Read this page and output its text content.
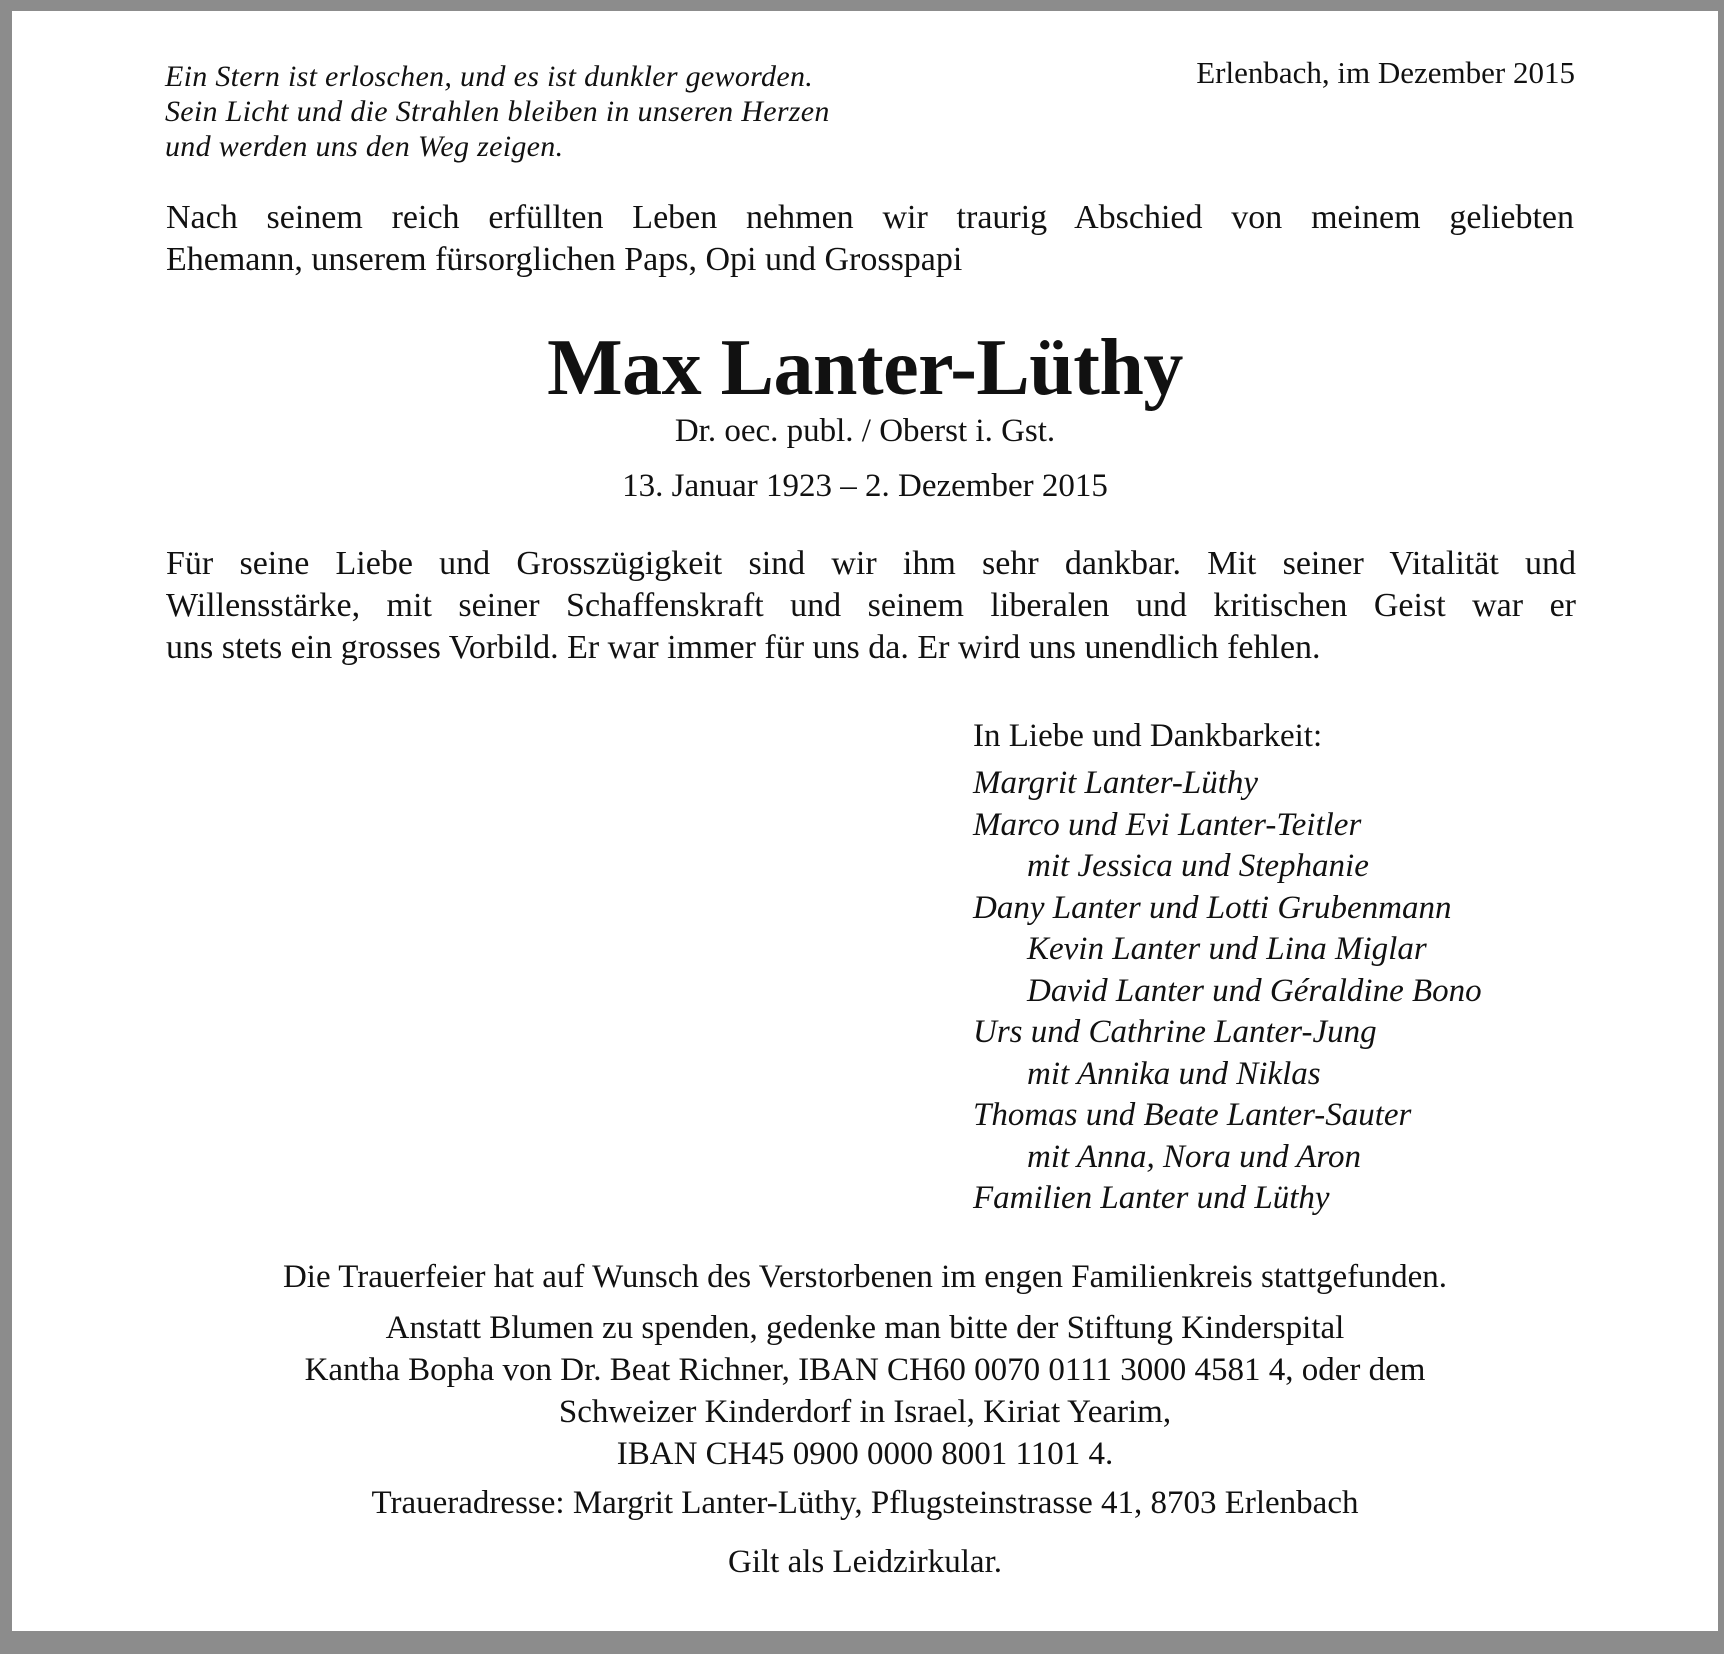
Ein Stern ist erloschen, und es ist dunkler geworden.
Sein Licht und die Strahlen bleiben in unseren Herzen
und werden uns den Weg zeigen.
Erlenbach, im Dezember 2015
Nach seinem reich erfüllten Leben nehmen wir traurig Abschied von meinem geliebten
Ehemann, unserem fürsorglichen Paps, Opi und Grosspapi
Max Lanter-Lüthy
Dr. oec. publ. / Oberst i. Gst.
13. Januar 1923 – 2. Dezember 2015
Für seine Liebe und Grosszügigkeit sind wir ihm sehr dankbar. Mit seiner Vitalität und
Willensstärke, mit seiner Schaffenskraft und seinem liberalen und kritischen Geist war er
uns stets ein grosses Vorbild. Er war immer für uns da. Er wird uns unendlich fehlen.
In Liebe und Dankbarkeit:
Margrit Lanter-Lüthy
Marco und Evi Lanter-Teitler
mit Jessica und Stephanie
Dany Lanter und Lotti Grubenmann
Kevin Lanter und Lina Miglar
David Lanter und Géraldine Bono
Urs und Cathrine Lanter-Jung
mit Annika und Niklas
Thomas und Beate Lanter-Sauter
mit Anna, Nora und Aron
Familien Lanter und Lüthy
Die Trauerfeier hat auf Wunsch des Verstorbenen im engen Familienkreis stattgefunden.
Anstatt Blumen zu spenden, gedenke man bitte der Stiftung Kinderspital
Kantha Bopha von Dr. Beat Richner, IBAN CH60 0070 0111 3000 4581 4, oder dem
Schweizer Kinderdorf in Israel, Kiriat Yearim,
IBAN CH45 0900 0000 8001 1101 4.
Traueradresse: Margrit Lanter-Lüthy, Pflugsteinstrasse 41, 8703 Erlenbach
Gilt als Leidzirkular.
